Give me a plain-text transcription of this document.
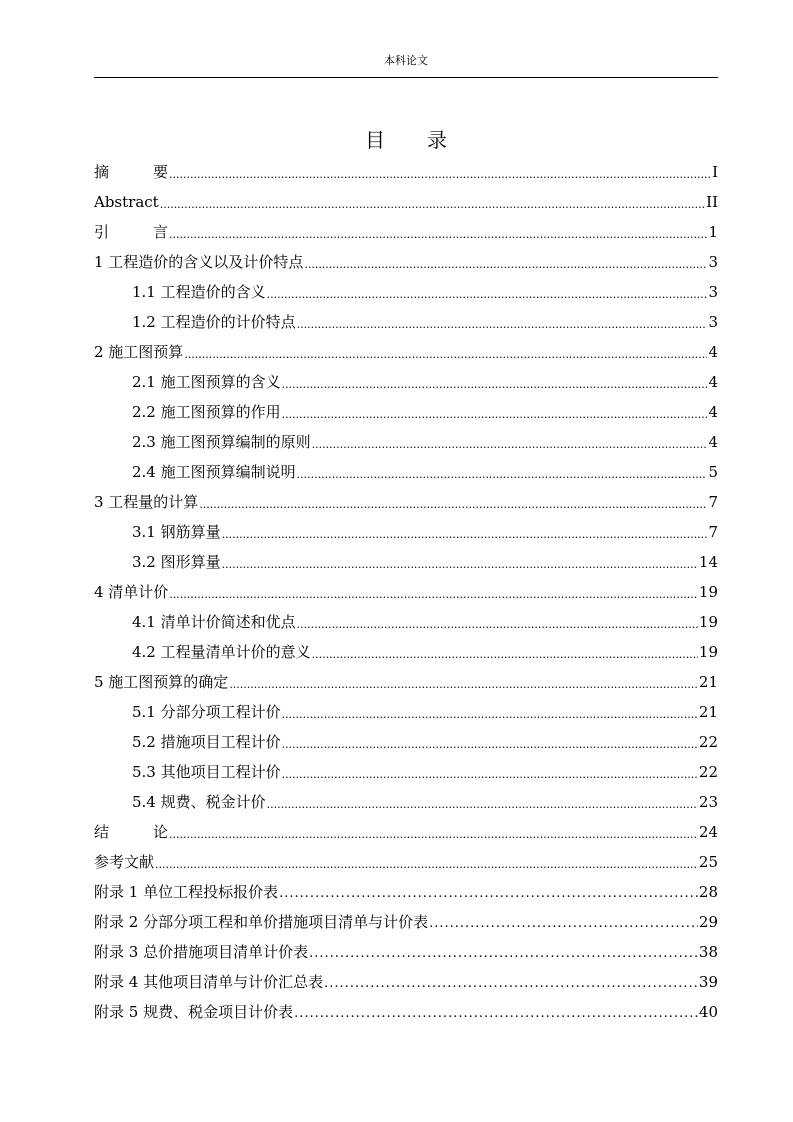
本科论文
目 录
摘	要 .....	I
Abstract .....	II
引	言 .....	1
1 工程造价的含义以及计价特点 .....	3
1.1 工程造价的含义 .....	3
1.2 工程造价的计价特点 .....	3
2 施工图预算 .....	4
2.1 施工图预算的含义 .....	4
2.2 施工图预算的作用 .....	4
2.3 施工图预算编制的原则 .....	4
2.4 施工图预算编制说明 .....	5
3 工程量的计算 .....	7
3.1 钢筋算量 .....	7
3.2 图形算量 .....	14
4 清单计价 .....	19
4.1 清单计价简述和优点 .....	19
4.2 工程量清单计价的意义 .....	19
5 施工图预算的确定 .....	21
5.1 分部分项工程计价 .....	21
5.2 措施项目工程计价 .....	22
5.3 其他项目工程计价 .....	22
5.4 规费、税金计价 .....	23
结	论 .....	24
参考文献 .....	25
附录 1 单位工程投标报价表 .....	28
附录 2 分部分项工程和单价措施项目清单与计价表 .....	29
附录 3 总价措施项目清单计价表 .....	38
附录 4 其他项目清单与计价汇总表 .....	39
附录 5 规费、税金项目计价表 .....	40
